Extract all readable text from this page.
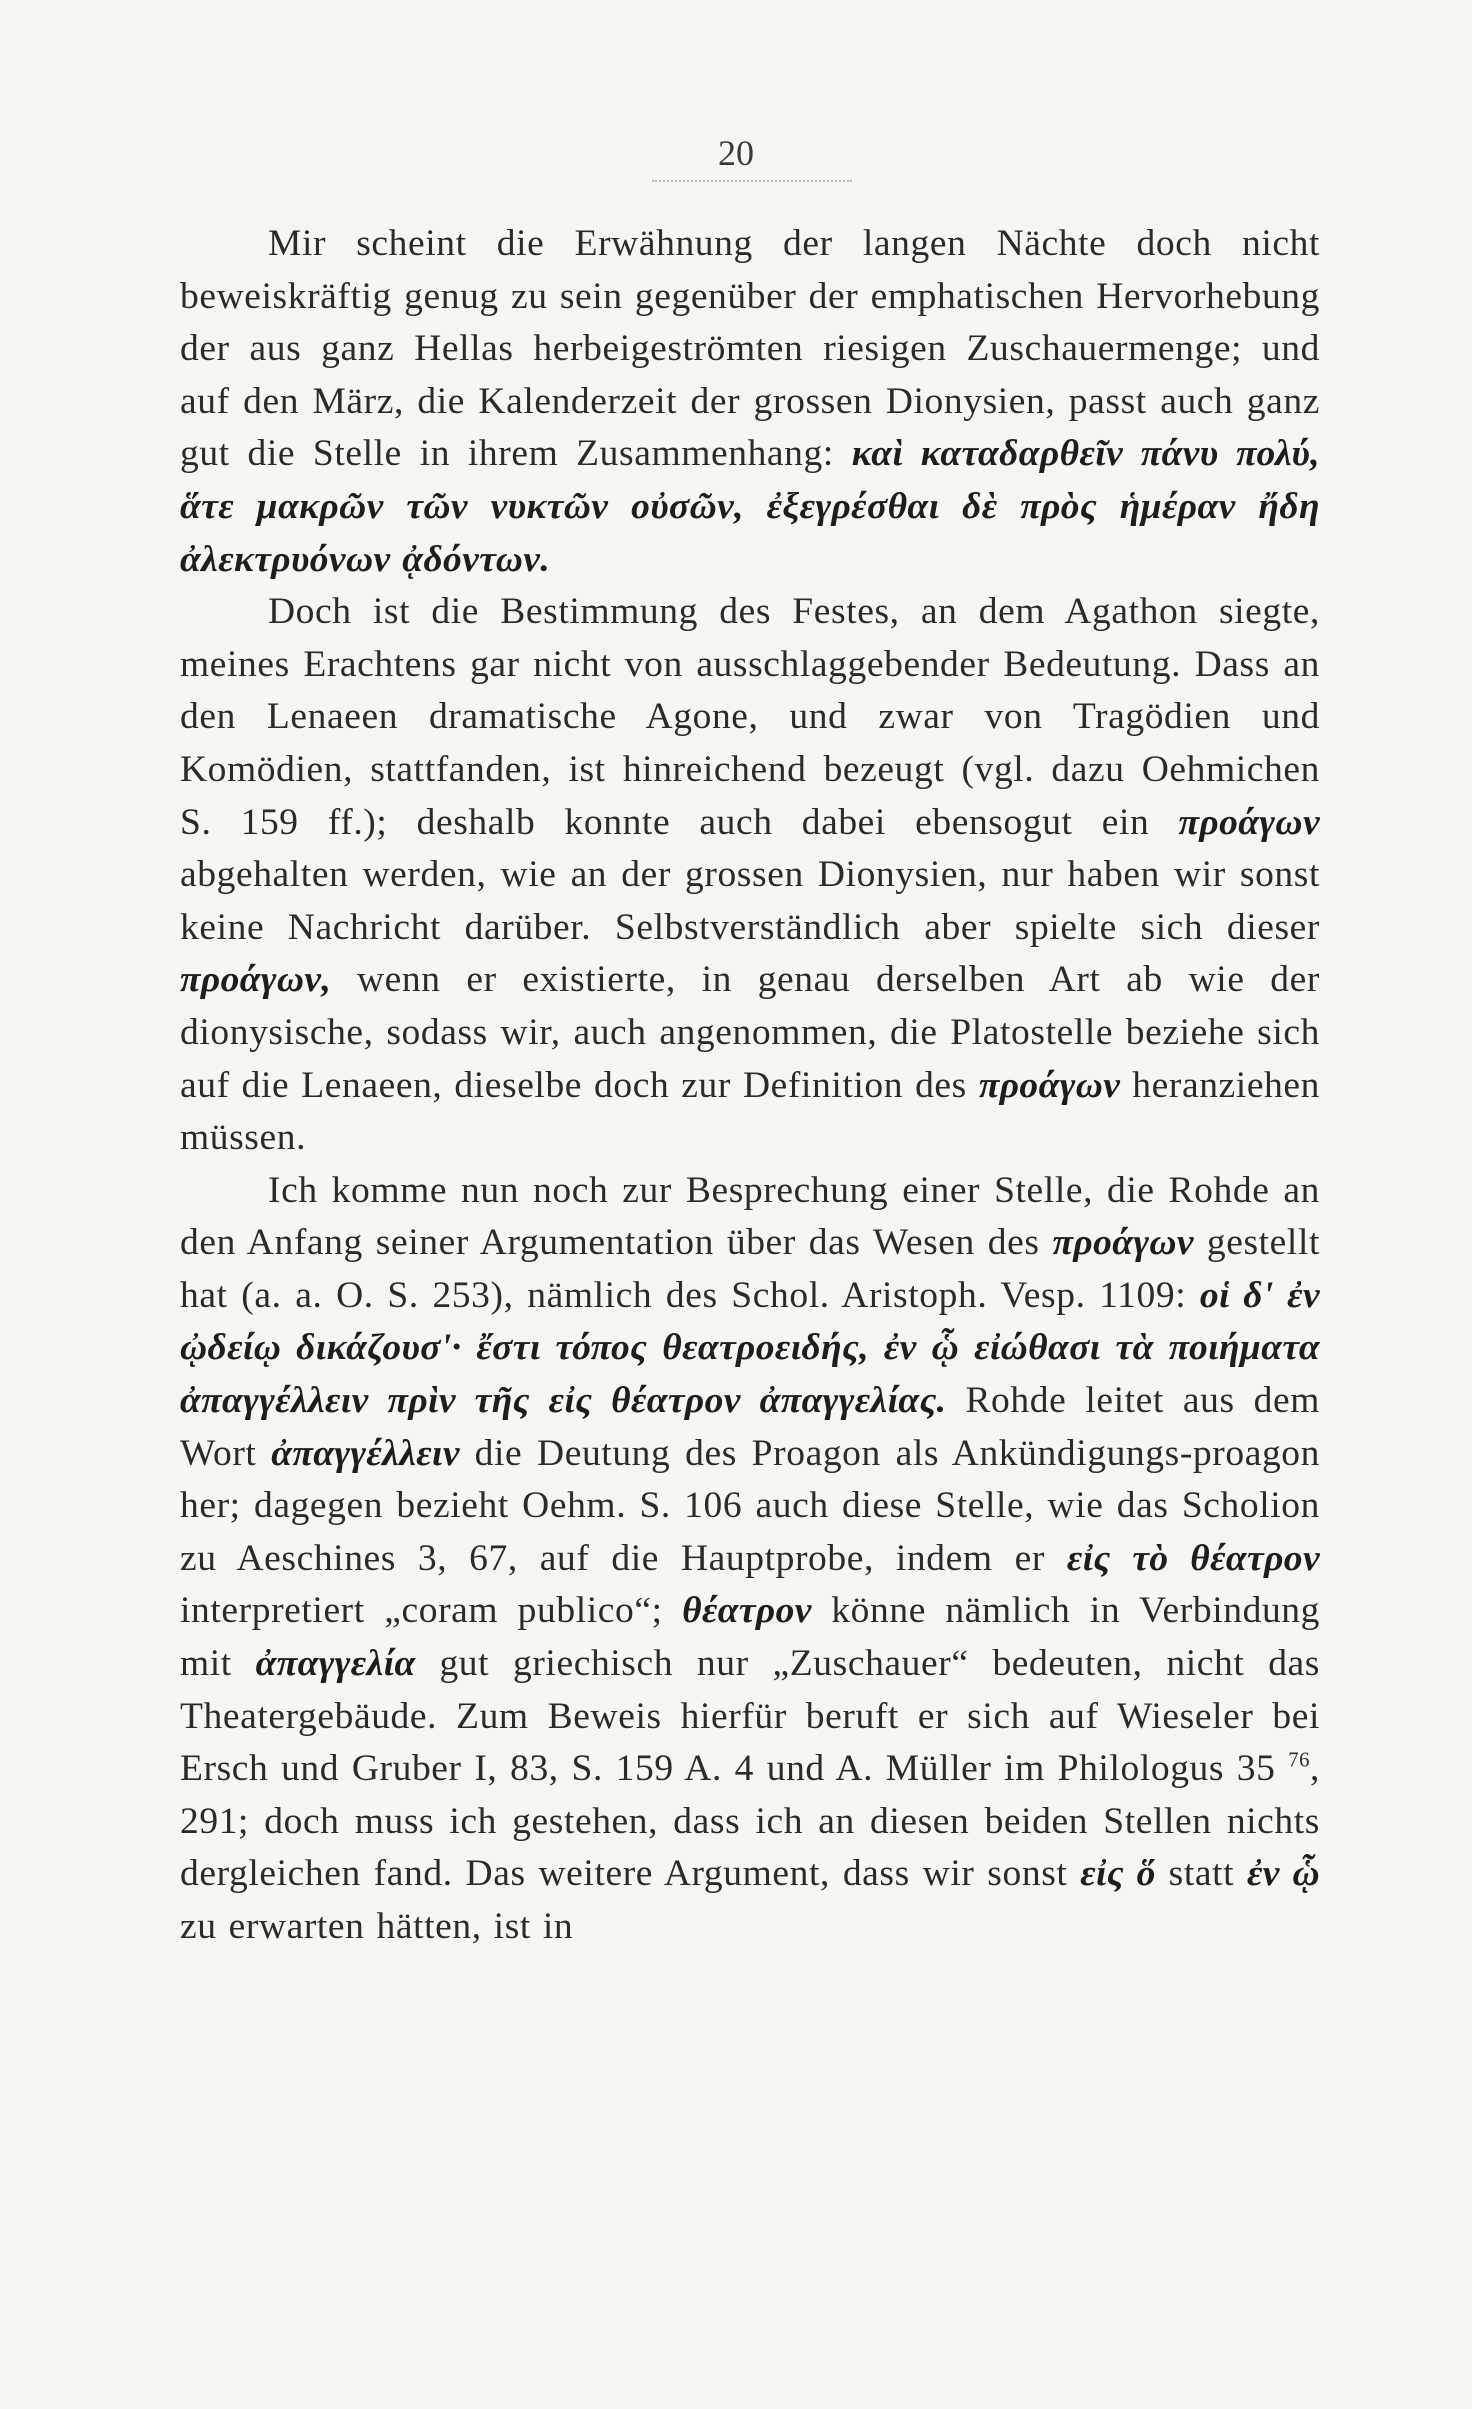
20

Mir scheint die Erwähnung der langen Nächte doch nicht beweiskräftig genug zu sein gegenüber der emphatischen Hervorhebung der aus ganz Hellas herbeigeströmten riesigen Zuschauermenge; und auf den März, die Kalenderzeit der grossen Dionysien, passt auch ganz gut die Stelle in ihrem Zusammenhang: καὶ καταδαρθεῖν πάνυ πολύ, ἅτε μακρῶν τῶν νυκτῶν οὐσῶν, ἐξεγρέσθαι δὲ πρὸς ἡμέραν ἤδη ἀλεκτρυόνων ᾀδόντων.

Doch ist die Bestimmung des Festes, an dem Agathon siegte, meines Erachtens gar nicht von ausschlaggebender Bedeutung. Dass an den Lenaeen dramatische Agone, und zwar von Tragödien und Komödien, stattfanden, ist hinreichend bezeugt (vgl. dazu Oehmichen S. 159 ff.); deshalb konnte auch dabei ebensogut ein προάγων abgehalten werden, wie an der grossen Dionysien, nur haben wir sonst keine Nachricht darüber. Selbstverständlich aber spielte sich dieser προάγων, wenn er existierte, in genau derselben Art ab wie der dionysische, sodass wir, auch angenommen, die Platostelle beziehe sich auf die Lenaeen, dieselbe doch zur Definition des προάγων heranziehen müssen.

Ich komme nun noch zur Besprechung einer Stelle, die Rohde an den Anfang seiner Argumentation über das Wesen des προάγων gestellt hat (a. a. O. S. 253), nämlich des Schol. Aristoph. Vesp. 1109: οἱ δ' ἐν ᾠδείῳ δικάζουσ'· ἔστι τόπος θεατροειδής, ἐν ᾧ εἰώθασι τὰ ποιήματα ἀπαγγέλλειν πρὶν τῆς εἰς θέατρον ἀπαγγελίας. Rohde leitet aus dem Wort ἀπαγγέλλειν die Deutung des Proagon als Ankündigungs-proagon her; dagegen bezieht Oehm. S. 106 auch diese Stelle, wie das Scholion zu Aeschines 3, 67, auf die Hauptprobe, indem er εἰς τὸ θέατρον interpretiert „coram publico“; θέατρον könne nämlich in Verbindung mit ἀπαγγελία gut griechisch nur „Zuschauer“ bedeuten, nicht das Theatergebäude. Zum Beweis hierfür beruft er sich auf Wieseler bei Ersch und Gruber I, 83, S. 159 A. 4 und A. Müller im Philologus 35 $^{76}$, 291; doch muss ich gestehen, dass ich an diesen beiden Stellen nichts dergleichen fand. Das weitere Argument, dass wir sonst εἰς ὅ statt ἐν ᾧ zu erwarten hätten, ist in
